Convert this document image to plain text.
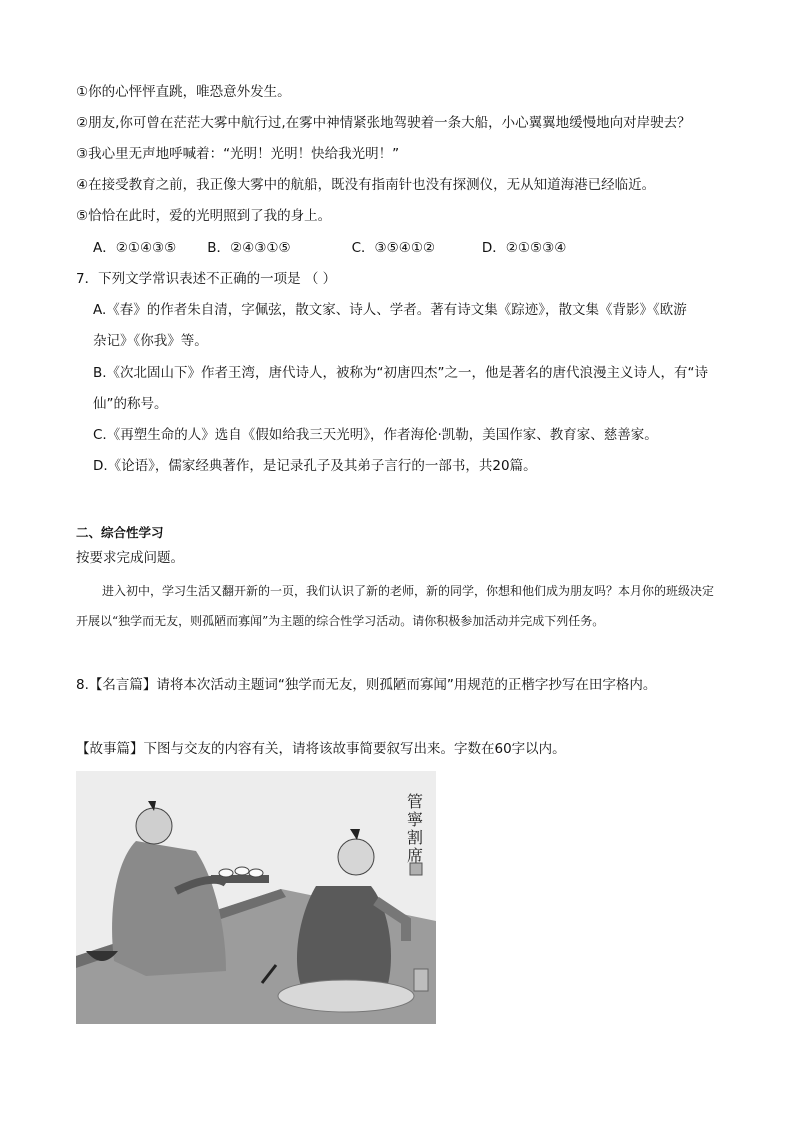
①你的心怦怦直跳，唯恐意外发生。
②朋友,你可曾在茫茫大雾中航行过,在雾中神情紧张地驾驶着一条大船，小心翼翼地缓慢地向对岸驶去？
③我心里无声地呼喊着：“光明！光明！快给我光明！”
④在接受教育之前，我正像大雾中的航船，既没有指南针也没有探测仪，无从知道海港已经临近。
⑤恰恰在此时，爱的光明照到了我的身上。
A．②①④③⑤ B．②④③①⑤	C．③⑤④①②	D．②①⑤③④
7．下列文学常识表述不正确的一项是 （ ）
A.《春》的作者朱自清，字佩弦，散文家、诗人、学者。著有诗文集《踪迹》，散文集《背影》《欧游
杂记》《你我》等。
B.《次北固山下》作者王湾，唐代诗人，被称为“初唐四杰”之一，他是著名的唐代浪漫主义诗人，有“诗
仙”的称号。
C.《再塑生命的人》选自《假如给我三天光明》，作者海伦·凯勒，美国作家、教育家、慈善家。
D.《论语》，儒家经典著作，是记录孔子及其弟子言行的一部书，共20篇。
二、综合性学习
按要求完成问题。
进入初中，学习生活又翻开新的一页，我们认识了新的老师，新的同学，你想和他们成为朋友吗？本月你的班级决定开展以“独学而无友，则孤陋而寡闻”为主题的综合性学习活动。请你积极参加活动并完成下列任务。
8.【名言篇】请将本次活动主题词“独学而无友，则孤陋而寡闻”用规范的正楷字抄写在田字格内。
【故事篇】下图与交友的内容有关，请将该故事简要叙写出来。字数在60字以内。
管寧割席
